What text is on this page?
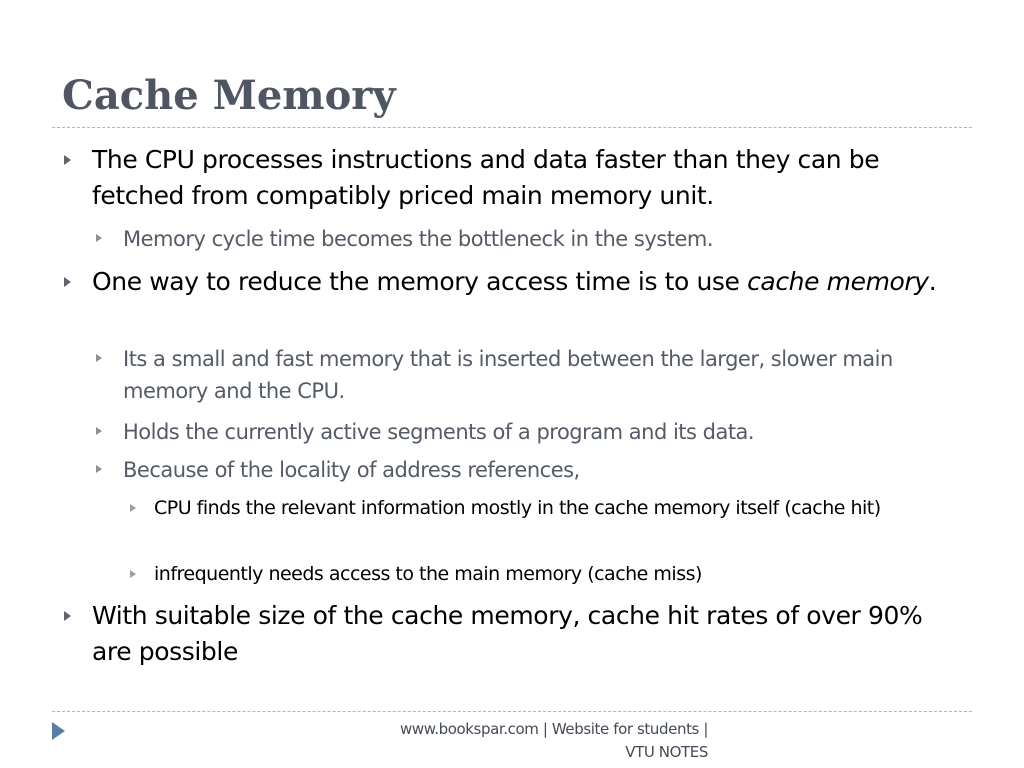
Cache Memory

The CPU processes instructions and data faster than they can be fetched from compatibly priced main memory unit.

Memory cycle time becomes the bottleneck in the system.

One way to reduce the memory access time is to use cache memory.

Its a small and fast memory that is inserted between the larger, slower main memory and the CPU.

Holds the currently active segments of a program and its data.

Because of the locality of address references,

CPU finds the relevant information mostly in the cache memory itself (cache hit)

infrequently needs access to the main memory (cache miss)

With suitable size of the cache memory, cache hit rates of over 90% are possible

www.bookspar.com | Website for students |
VTU NOTES
